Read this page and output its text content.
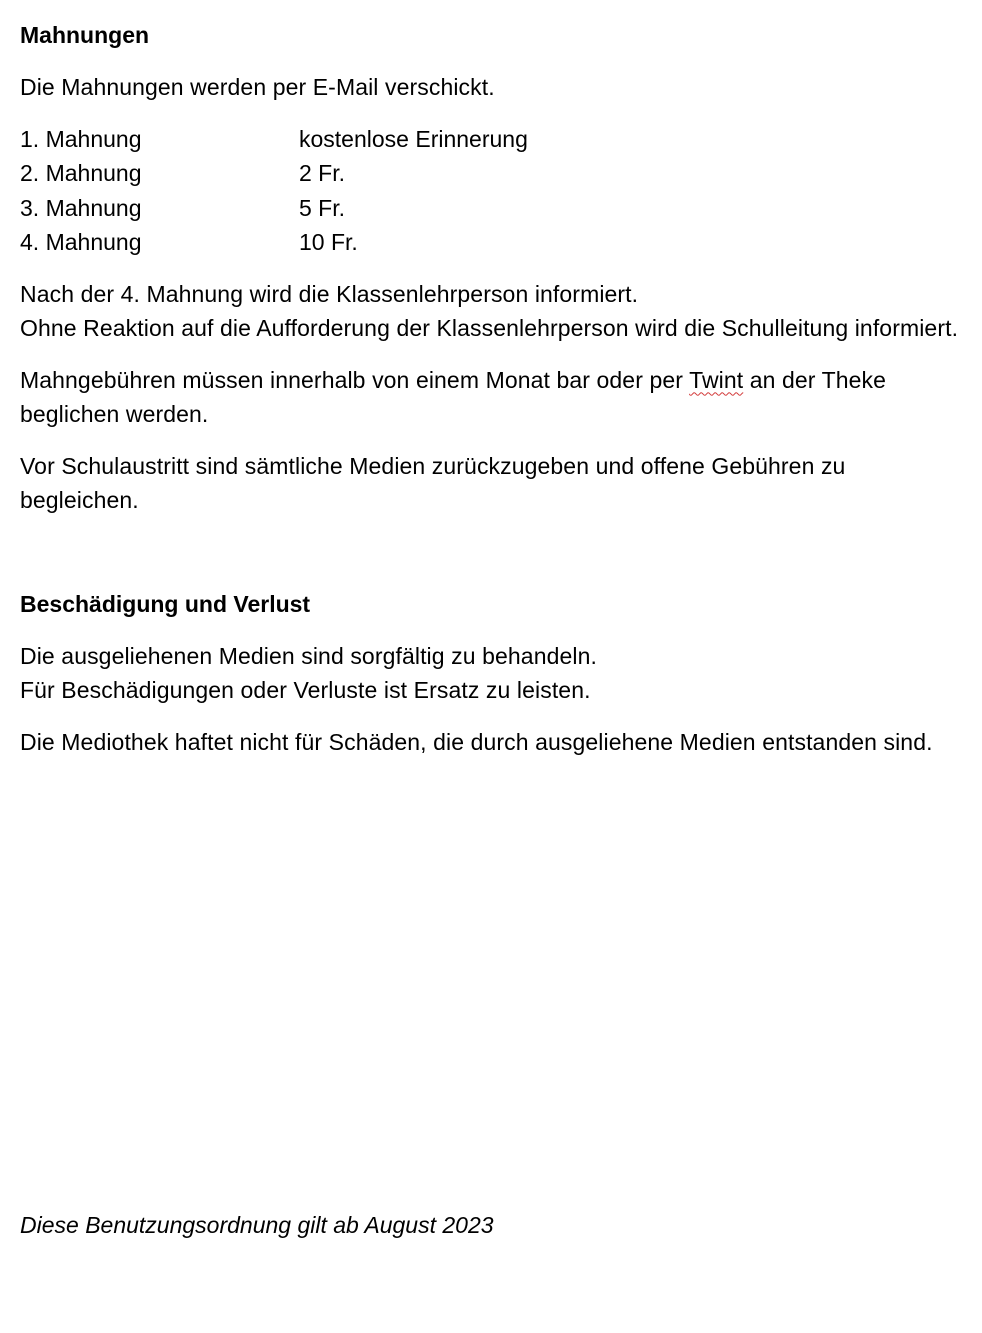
Mahnungen
Die Mahnungen werden per E-Mail verschickt.
1. Mahnung	kostenlose Erinnerung
2. Mahnung	2 Fr.
3. Mahnung	5 Fr.
4. Mahnung	10 Fr.
Nach der 4. Mahnung wird die Klassenlehrperson informiert.
Ohne Reaktion auf die Aufforderung der Klassenlehrperson wird die Schulleitung informiert.
Mahngebühren müssen innerhalb von einem Monat bar oder per Twint an der Theke beglichen werden.
Vor Schulaustritt sind sämtliche Medien zurückzugeben und offene Gebühren zu begleichen.
Beschädigung und Verlust
Die ausgeliehenen Medien sind sorgfältig zu behandeln.
Für Beschädigungen oder Verluste ist Ersatz zu leisten.
Die Mediothek haftet nicht für Schäden, die durch ausgeliehene Medien entstanden sind.
Diese Benutzungsordnung gilt ab August 2023
